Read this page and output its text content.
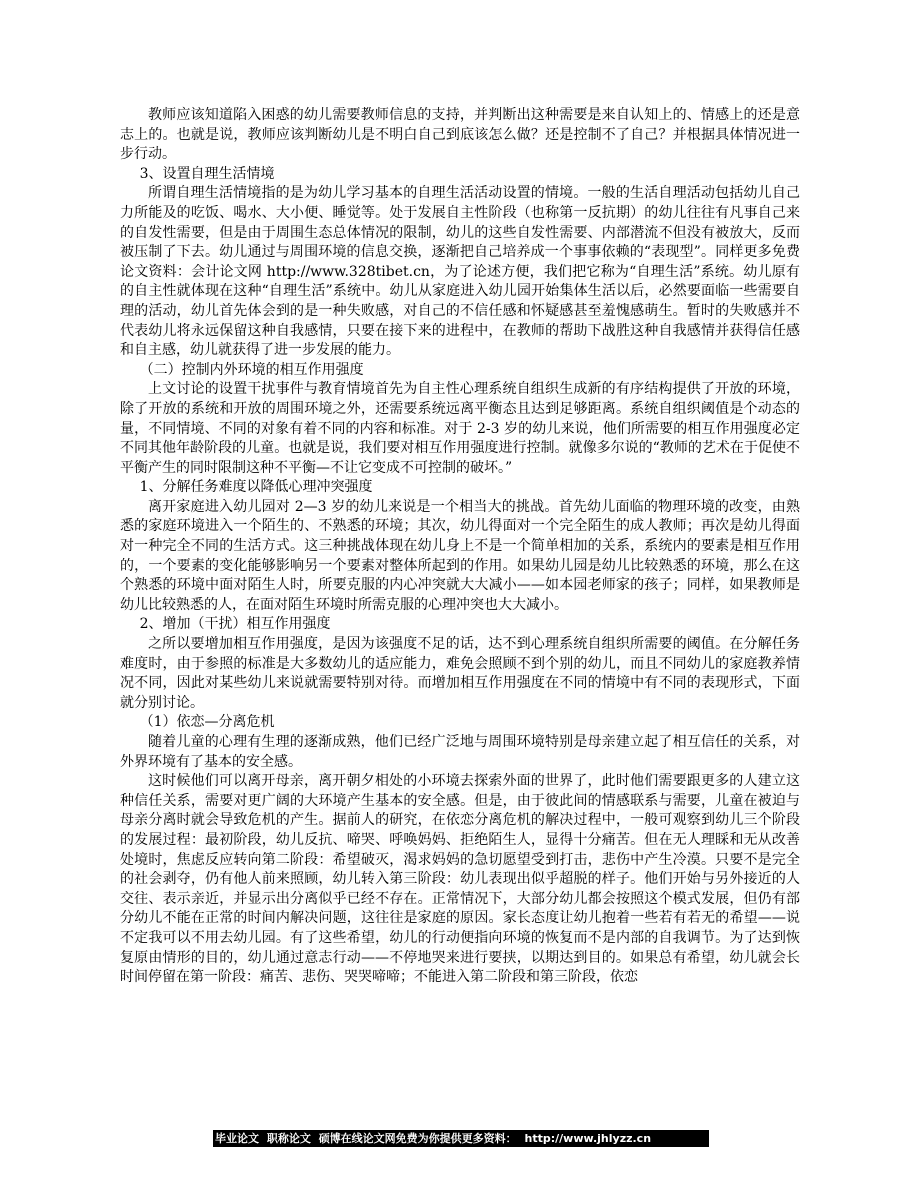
教师应该知道陷入困惑的幼儿需要教师信息的支持，并判断出这种需要是来自认知上的、情感上的还是意志上的。也就是说，教师应该判断幼儿是不明白自己到底该怎么做？还是控制不了自己？并根据具体情况进一步行动。

3、设置自理生活情境

所谓自理生活情境指的是为幼儿学习基本的自理生活活动设置的情境。一般的生活自理活动包括幼儿自己力所能及的吃饭、喝水、大小便、睡觉等。处于发展自主性阶段（也称第一反抗期）的幼儿往往有凡事自己来的自发性需要，但是由于周围生态总体情况的限制，幼儿的这些自发性需要、内部潜流不但没有被放大，反而被压制了下去。幼儿通过与周围环境的信息交换，逐渐把自己培养成一个事事依赖的“表现型”。同样更多免费论文资料：会计论文网 http://www.328tibet.cn，为了论述方便，我们把它称为“自理生活”系统。幼儿原有的自主性就体现在这种“自理生活”系统中。幼儿从家庭进入幼儿园开始集体生活以后，必然要面临一些需要自理的活动，幼儿首先体会到的是一种失败感，对自己的不信任感和怀疑感甚至羞愧感萌生。暂时的失败感并不代表幼儿将永远保留这种自我感情，只要在接下来的进程中，在教师的帮助下战胜这种自我感情并获得信任感和自主感，幼儿就获得了进一步发展的能力。

（二）控制内外环境的相互作用强度

上文讨论的设置干扰事件与教育情境首先为自主性心理系统自组织生成新的有序结构提供了开放的环境，除了开放的系统和开放的周围环境之外，还需要系统远离平衡态且达到足够距离。系统自组织阈值是个动态的量，不同情境、不同的对象有着不同的内容和标准。对于 2-3 岁的幼儿来说，他们所需要的相互作用强度必定不同其他年龄阶段的儿童。也就是说，我们要对相互作用强度进行控制。就像多尔说的“教师的艺术在于促使不平衡产生的同时限制这种不平衡—不让它变成不可控制的破坏。”

1、分解任务难度以降低心理冲突强度

离开家庭进入幼儿园对 2—3 岁的幼儿来说是一个相当大的挑战。首先幼儿面临的物理环境的改变，由熟悉的家庭环境进入一个陌生的、不熟悉的环境；其次，幼儿得面对一个完全陌生的成人教师；再次是幼儿得面对一种完全不同的生活方式。这三种挑战体现在幼儿身上不是一个简单相加的关系，系统内的要素是相互作用的，一个要素的变化能够影响另一个要素对整体所起到的作用。如果幼儿园是幼儿比较熟悉的环境，那么在这个熟悉的环境中面对陌生人时，所要克服的内心冲突就大大减小——如本园老师家的孩子；同样，如果教师是幼儿比较熟悉的人，在面对陌生环境时所需克服的心理冲突也大大减小。

2、增加（干扰）相互作用强度

之所以要增加相互作用强度，是因为该强度不足的话，达不到心理系统自组织所需要的阈值。在分解任务难度时，由于参照的标准是大多数幼儿的适应能力，难免会照顾不到个别的幼儿，而且不同幼儿的家庭教养情况不同，因此对某些幼儿来说就需要特别对待。而增加相互作用强度在不同的情境中有不同的表现形式，下面就分别讨论。

（1）依恋—分离危机

随着儿童的心理有生理的逐渐成熟，他们已经广泛地与周围环境特别是母亲建立起了相互信任的关系，对外界环境有了基本的安全感。

这时候他们可以离开母亲，离开朝夕相处的小环境去探索外面的世界了，此时他们需要跟更多的人建立这种信任关系，需要对更广阔的大环境产生基本的安全感。但是，由于彼此间的情感联系与需要，儿童在被迫与母亲分离时就会导致危机的产生。据前人的研究，在依恋分离危机的解决过程中，一般可观察到幼儿三个阶段的发展过程：最初阶段，幼儿反抗、啼哭、呼唤妈妈、拒绝陌生人，显得十分痛苦。但在无人理睬和无从改善处境时，焦虑反应转向第二阶段：希望破灭，渴求妈妈的急切愿望受到打击，悲伤中产生冷漠。只要不是完全的社会剥夺，仍有他人前来照顾，幼儿转入第三阶段：幼儿表现出似乎超脱的样子。他们开始与另外接近的人交往、表示亲近，并显示出分离似乎已经不存在。正常情况下，大部分幼儿都会按照这个模式发展，但仍有部分幼儿不能在正常的时间内解决问题，这往往是家庭的原因。家长态度让幼儿抱着一些若有若无的希望——说不定我可以不用去幼儿园。有了这些希望，幼儿的行动便指向环境的恢复而不是内部的自我调节。为了达到恢复原由情形的目的，幼儿通过意志行动——不停地哭来进行要挟，以期达到目的。如果总有希望，幼儿就会长时间停留在第一阶段：痛苦、悲伤、哭哭啼啼；不能进入第二阶段和第三阶段，依恋

毕业论文 职称论文 硕博在线论文网免费为你提供更多资料： http://www.jhlyzz.cn
